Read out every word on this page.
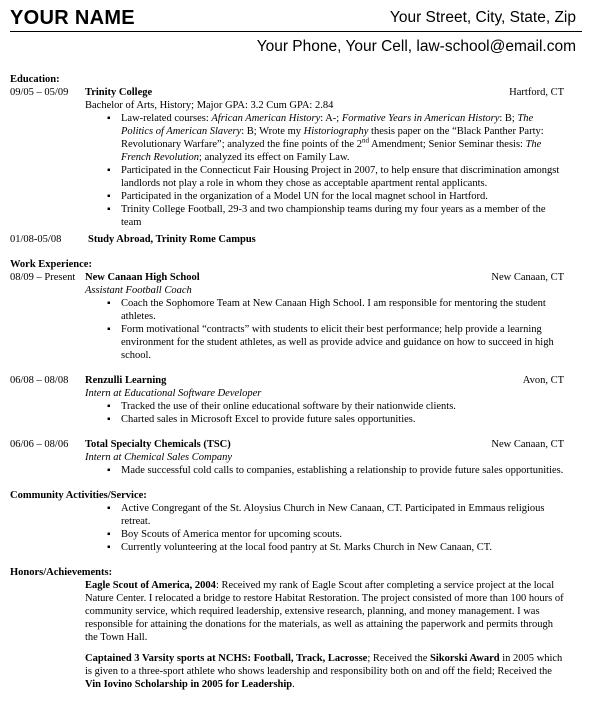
YOUR NAME	Your Street, City, State, Zip
Your Phone, Your Cell, law-school@email.com
Education:
09/05 – 05/09 Trinity College	Hartford, CT
Bachelor of Arts, History; Major GPA: 3.2 Cum GPA: 2.84
▪ Law-related courses: African American History: A-; Formative Years in American History: B; The Politics of American Slavery: B; Wrote my Historiography thesis paper on the “Black Panther Party: Revolutionary Warfare”; analyzed the fine points of the 2nd Amendment; Senior Seminar thesis: The French Revolution; analyzed its effect on Family Law.
▪ Participated in the Connecticut Fair Housing Project in 2007, to help ensure that discrimination amongst landlords not play a role in whom they chose as acceptable apartment rental applicants.
▪ Participated in the organization of a Model UN for the local magnet school in Hartford.
▪ Trinity College Football, 29-3 and two championship teams during my four years as a member of the team
01/08-05/08	Study Abroad, Trinity Rome Campus
Work Experience:
08/09 – Present New Canaan High School	New Canaan, CT
Assistant Football Coach
▪ Coach the Sophomore Team at New Canaan High School. I am responsible for mentoring the student athletes.
▪ Form motivational “contracts” with students to elicit their best performance; help provide a learning environment for the student athletes, as well as provide advice and guidance on how to succeed in high school.
06/08 – 08/08 Renzulli Learning	Avon, CT
Intern at Educational Software Developer
▪ Tracked the use of their online educational software by their nationwide clients.
▪ Charted sales in Microsoft Excel to provide future sales opportunities.
06/06 – 08/06 Total Specialty Chemicals (TSC)	New Canaan, CT
Intern at Chemical Sales Company
▪ Made successful cold calls to companies, establishing a relationship to provide future sales opportunities.
Community Activities/Service:
▪ Active Congregant of the St. Aloysius Church in New Canaan, CT. Participated in Emmaus religious retreat.
▪ Boy Scouts of America mentor for upcoming scouts.
▪ Currently volunteering at the local food pantry at St. Marks Church in New Canaan, CT.
Honors/Achievements:
Eagle Scout of America, 2004: Received my rank of Eagle Scout after completing a service project at the local Nature Center. I relocated a bridge to restore Habitat Restoration. The project consisted of more than 100 hours of community service, which required leadership, extensive research, planning, and money management. I was responsible for attaining the donations for the materials, as well as attaining the paperwork and permits through the Town Hall.
Captained 3 Varsity sports at NCHS: Football, Track, Lacrosse; Received the Sikorski Award in 2005 which is given to a three-sport athlete who shows leadership and responsibility both on and off the field; Received the Vin Iovino Scholarship in 2005 for Leadership.
